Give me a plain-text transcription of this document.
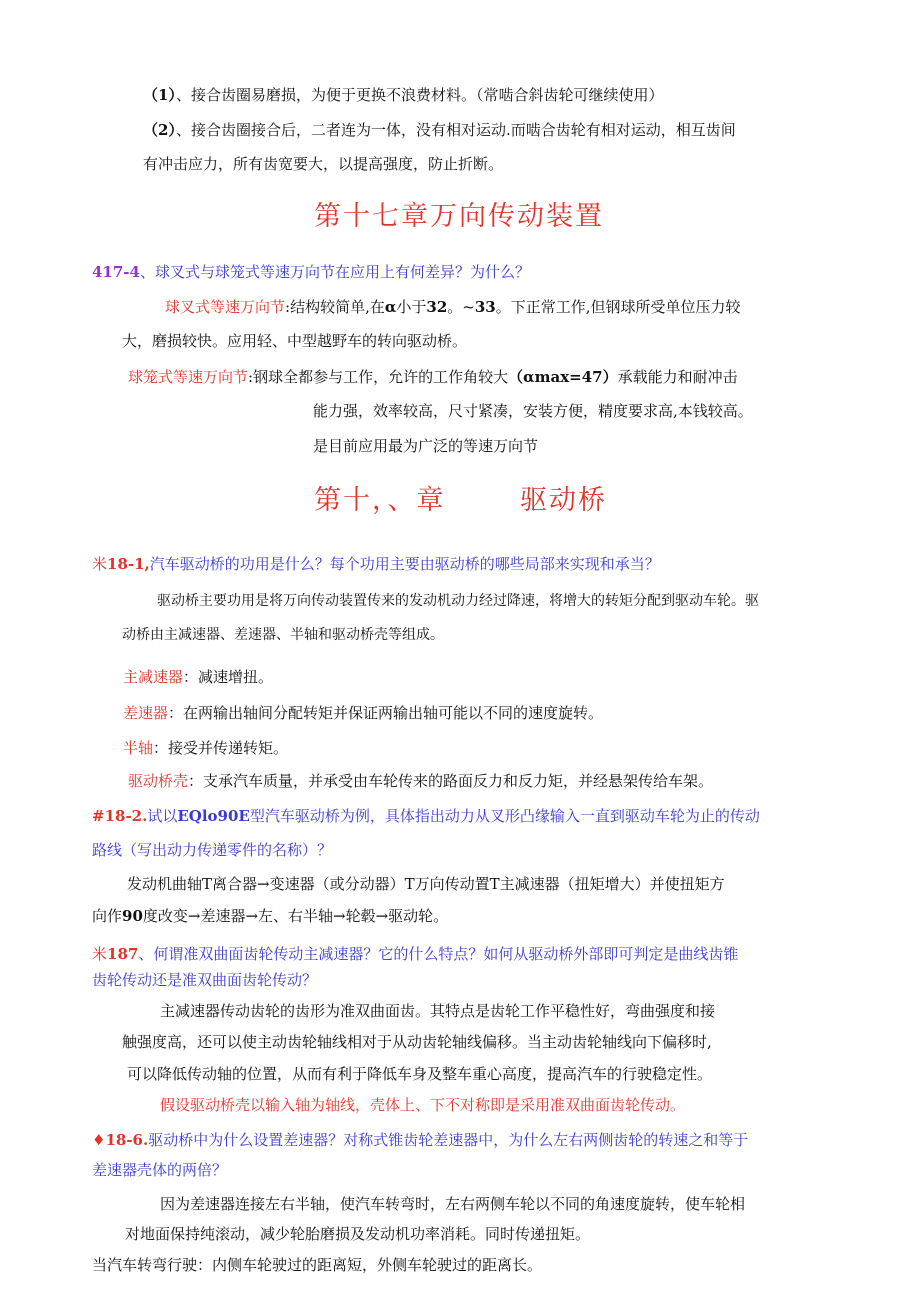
（1）、接合齿圈易磨损，为便于更换不浪费材料。（常啮合斜齿轮可继续使用）
（2）、接合齿圈接合后，二者连为一体，没有相对运动.而啮合齿轮有相对运动，相互齿间
有冲击应力，所有齿宽要大，以提高强度，防止折断。
第十七章万向传动装置
417-4、球叉式与球笼式等速万向节在应用上有何差异？为什么？
球叉式等速万向节:结构较简单,在α小于32。~33。下正常工作,但钢球所受单位压力较
大，磨损较快。应用轻、中型越野车的转向驱动桥。
球笼式等速万向节:钢球全都参与工作，允许的工作角较大（αmax=47）承载能力和耐冲击
能力强，效率较高，尺寸紧凑，安装方便，精度要求高,本钱较高。
是目前应用最为广泛的等速万向节
第十，、章	驱动桥
米18-1,汽车驱动桥的功用是什么？每个功用主要由驱动桥的哪些局部来实现和承当？
驱动桥主要功用是将万向传动装置传来的发动机动力经过降速，将增大的转矩分配到驱动车轮。驱
动桥由主减速器、差速器、半轴和驱动桥壳等组成。
主减速器：减速增扭。
差速器：在两输出轴间分配转矩并保证两输出轴可能以不同的速度旋转。
半轴：接受并传递转矩。
驱动桥壳：支承汽车质量，并承受由车轮传来的路面反力和反力矩，并经悬架传给车架。
#18-2.试以EQlo90E型汽车驱动桥为例，具体指出动力从叉形凸缘输入一直到驱动车轮为止的传动
路线（写出动力传递零件的名称）？
发动机曲轴T离合器→变速器（或分动器）T万向传动置T主减速器（扭矩增大）并使扭矩方
向作90度改变→差速器→左、右半轴→轮毂→驱动轮。
米187、何谓准双曲面齿轮传动主减速器？它的什么特点？如何从驱动桥外部即可判定是曲线齿锥
齿轮传动还是准双曲面齿轮传动？
主减速器传动齿轮的齿形为准双曲面齿。其特点是齿轮工作平稳性好，弯曲强度和接
触强度高，还可以使主动齿轮轴线相对于从动齿轮轴线偏移。当主动齿轮轴线向下偏移时,
可以降低传动轴的位置，从而有利于降低车身及整车重心高度，提高汽车的行驶稳定性。
假设驱动桥壳以输入轴为轴线，壳体上、下不对称即是采用准双曲面齿轮传动。
♦18-6.驱动桥中为什么设置差速器？对称式锥齿轮差速器中，为什么左右两侧齿轮的转速之和等于
差速器壳体的两倍？
因为差速器连接左右半轴，使汽车转弯时，左右两侧车轮以不同的角速度旋转，使车轮相
对地面保持纯滚动，减少轮胎磨损及发动机功率消耗。同时传递扭矩。
当汽车转弯行驶：内侧车轮驶过的距离短，外侧车轮驶过的距离长。
